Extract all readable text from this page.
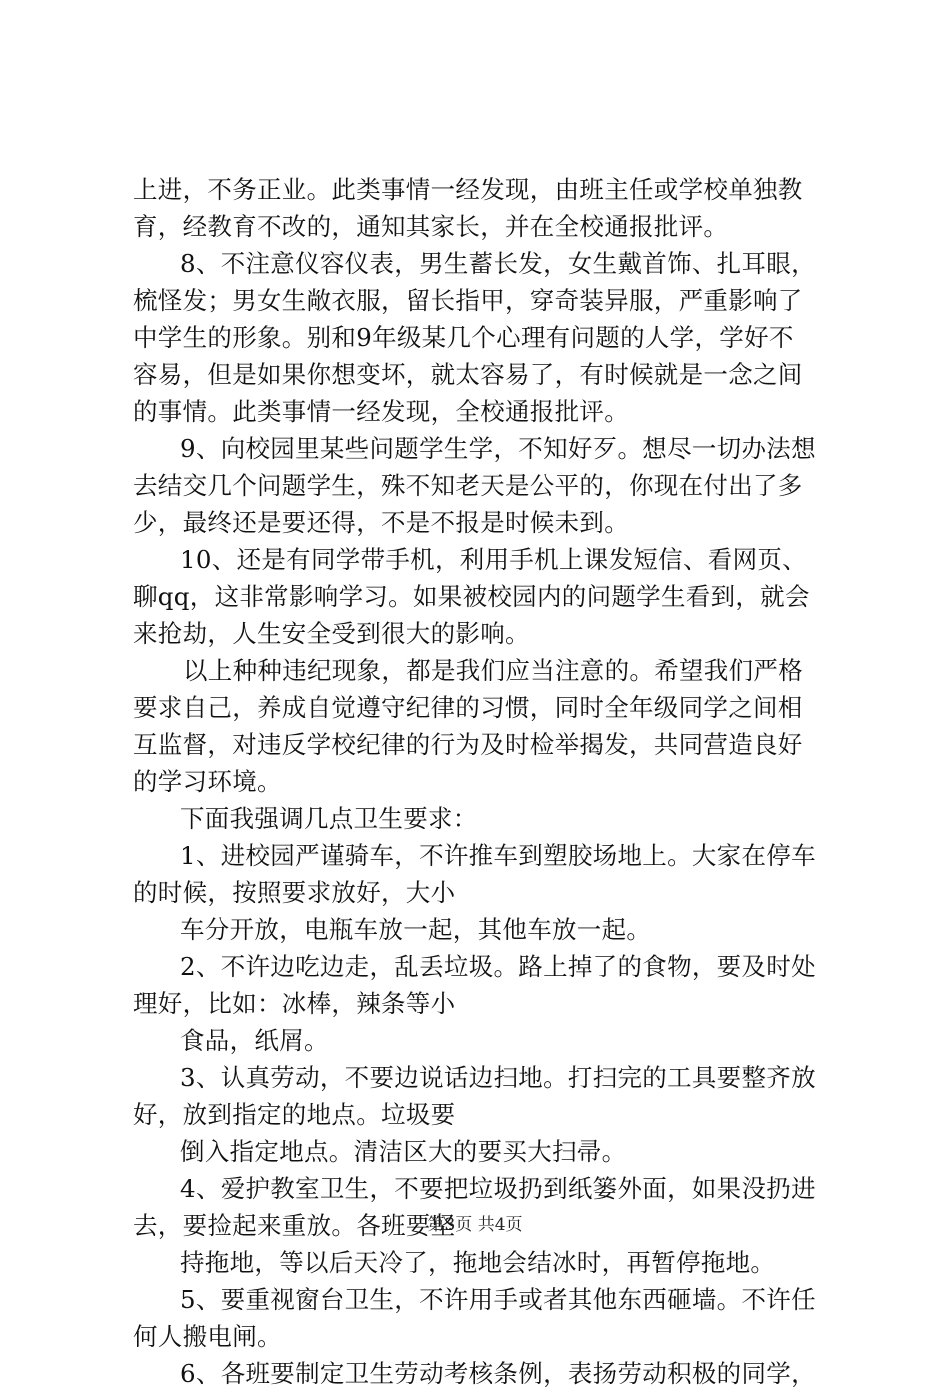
上进，不务正业。此类事情一经发现，由班主任或学校单独教
育，经教育不改的，通知其家长，并在全校通报批评。
8、不注意仪容仪表，男生蓄长发，女生戴首饰、扎耳眼，
梳怪发；男女生敞衣服，留长指甲，穿奇装异服，严重影响了
中学生的形象。别和9年级某几个心理有问题的人学，学好不
容易，但是如果你想变坏，就太容易了，有时候就是一念之间
的事情。此类事情一经发现，全校通报批评。
9、向校园里某些问题学生学，不知好歹。想尽一切办法想
去结交几个问题学生，殊不知老天是公平的，你现在付出了多
少，最终还是要还得，不是不报是时候未到。
10、还是有同学带手机，利用手机上课发短信、看网页、
聊qq，这非常影响学习。如果被校园内的问题学生看到，就会
来抢劫，人生安全受到很大的影响。
以上种种违纪现象，都是我们应当注意的。希望我们严格
要求自己，养成自觉遵守纪律的习惯，同时全年级同学之间相
互监督，对违反学校纪律的行为及时检举揭发，共同营造良好
的学习环境。
下面我强调几点卫生要求：
1、进校园严谨骑车，不许推车到塑胶场地上。大家在停车
的时候，按照要求放好，大小
车分开放，电瓶车放一起，其他车放一起。
2、不许边吃边走，乱丢垃圾。路上掉了的食物，要及时处
理好，比如：冰棒，辣条等小
食品，纸屑。
3、认真劳动，不要边说话边扫地。打扫完的工具要整齐放
好，放到指定的地点。垃圾要
倒入指定地点。清洁区大的要买大扫帚。
4、爱护教室卫生，不要把垃圾扔到纸篓外面，如果没扔进
去，要捡起来重放。各班要坚
持拖地，等以后天冷了，拖地会结冰时，再暂停拖地。
5、要重视窗台卫生，不许用手或者其他东西砸墙。不许任
何人搬电闸。
6、各班要制定卫生劳动考核条例，表扬劳动积极的同学，
第3页 共4页
